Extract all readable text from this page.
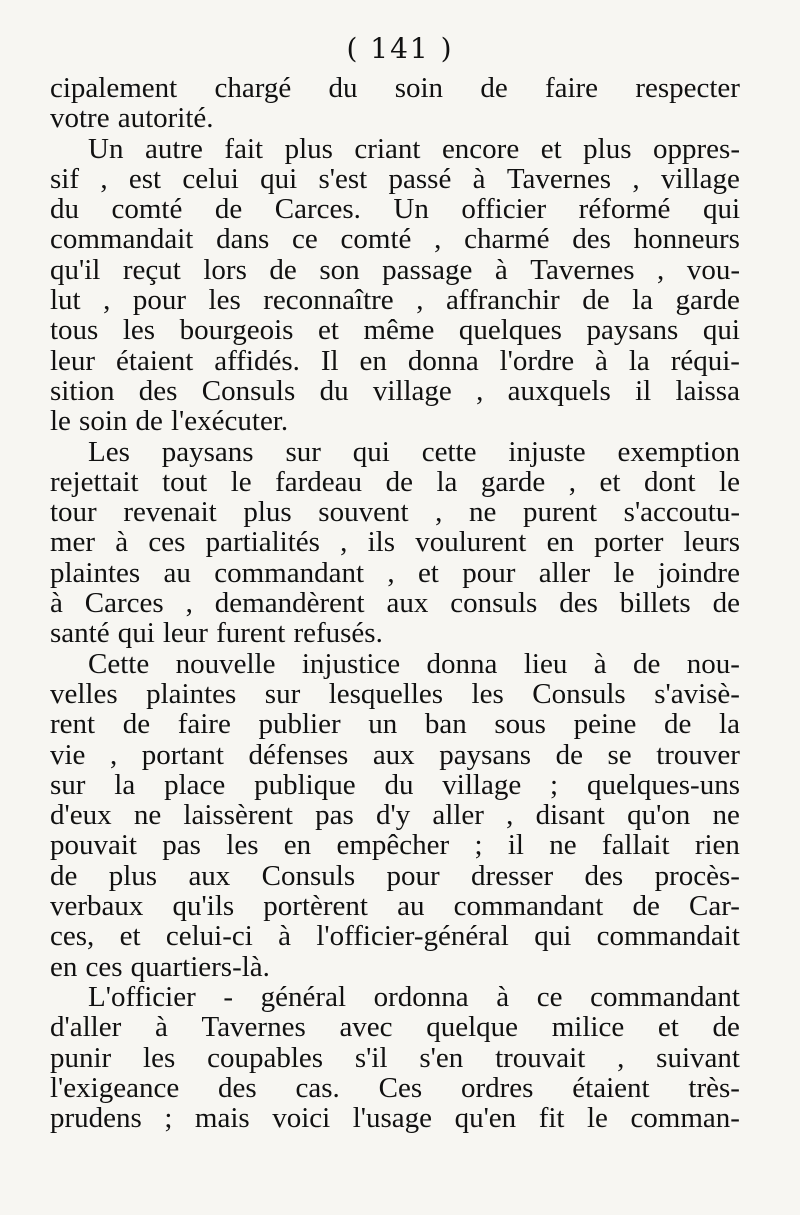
( 141 )
cipalement chargé du soin de faire respecter
votre autorité.
Un autre fait plus criant encore et plus oppres-
sif , est celui qui s'est passé à Tavernes , village
du comté de Carces. Un officier réformé qui
commandait dans ce comté , charmé des honneurs
qu'il reçut lors de son passage à Tavernes , vou-
lut , pour les reconnaître , affranchir de la garde
tous les bourgeois et même quelques paysans qui
leur étaient affidés. Il en donna l'ordre à la réqui-
sition des Consuls du village , auxquels il laissa
le soin de l'exécuter.
Les paysans sur qui cette injuste exemption
rejettait tout le fardeau de la garde , et dont le
tour revenait plus souvent , ne purent s'accoutu-
mer à ces partialités , ils voulurent en porter leurs
plaintes au commandant , et pour aller le joindre
à Carces , demandèrent aux consuls des billets de
santé qui leur furent refusés.
Cette nouvelle injustice donna lieu à de nou-
velles plaintes sur lesquelles les Consuls s'avisè-
rent de faire publier un ban sous peine de la
vie , portant défenses aux paysans de se trouver
sur la place publique du village ; quelques-uns
d'eux ne laissèrent pas d'y aller , disant qu'on ne
pouvait pas les en empêcher ; il ne fallait rien
de plus aux Consuls pour dresser des procès-
verbaux qu'ils portèrent au commandant de Car-
ces, et celui-ci à l'officier-général qui commandait
en ces quartiers-là.
L'officier - général ordonna à ce commandant
d'aller à Tavernes avec quelque milice et de
punir les coupables s'il s'en trouvait , suivant
l'exigeance des cas. Ces ordres étaient très-
prudens ; mais voici l'usage qu'en fit le comman-
